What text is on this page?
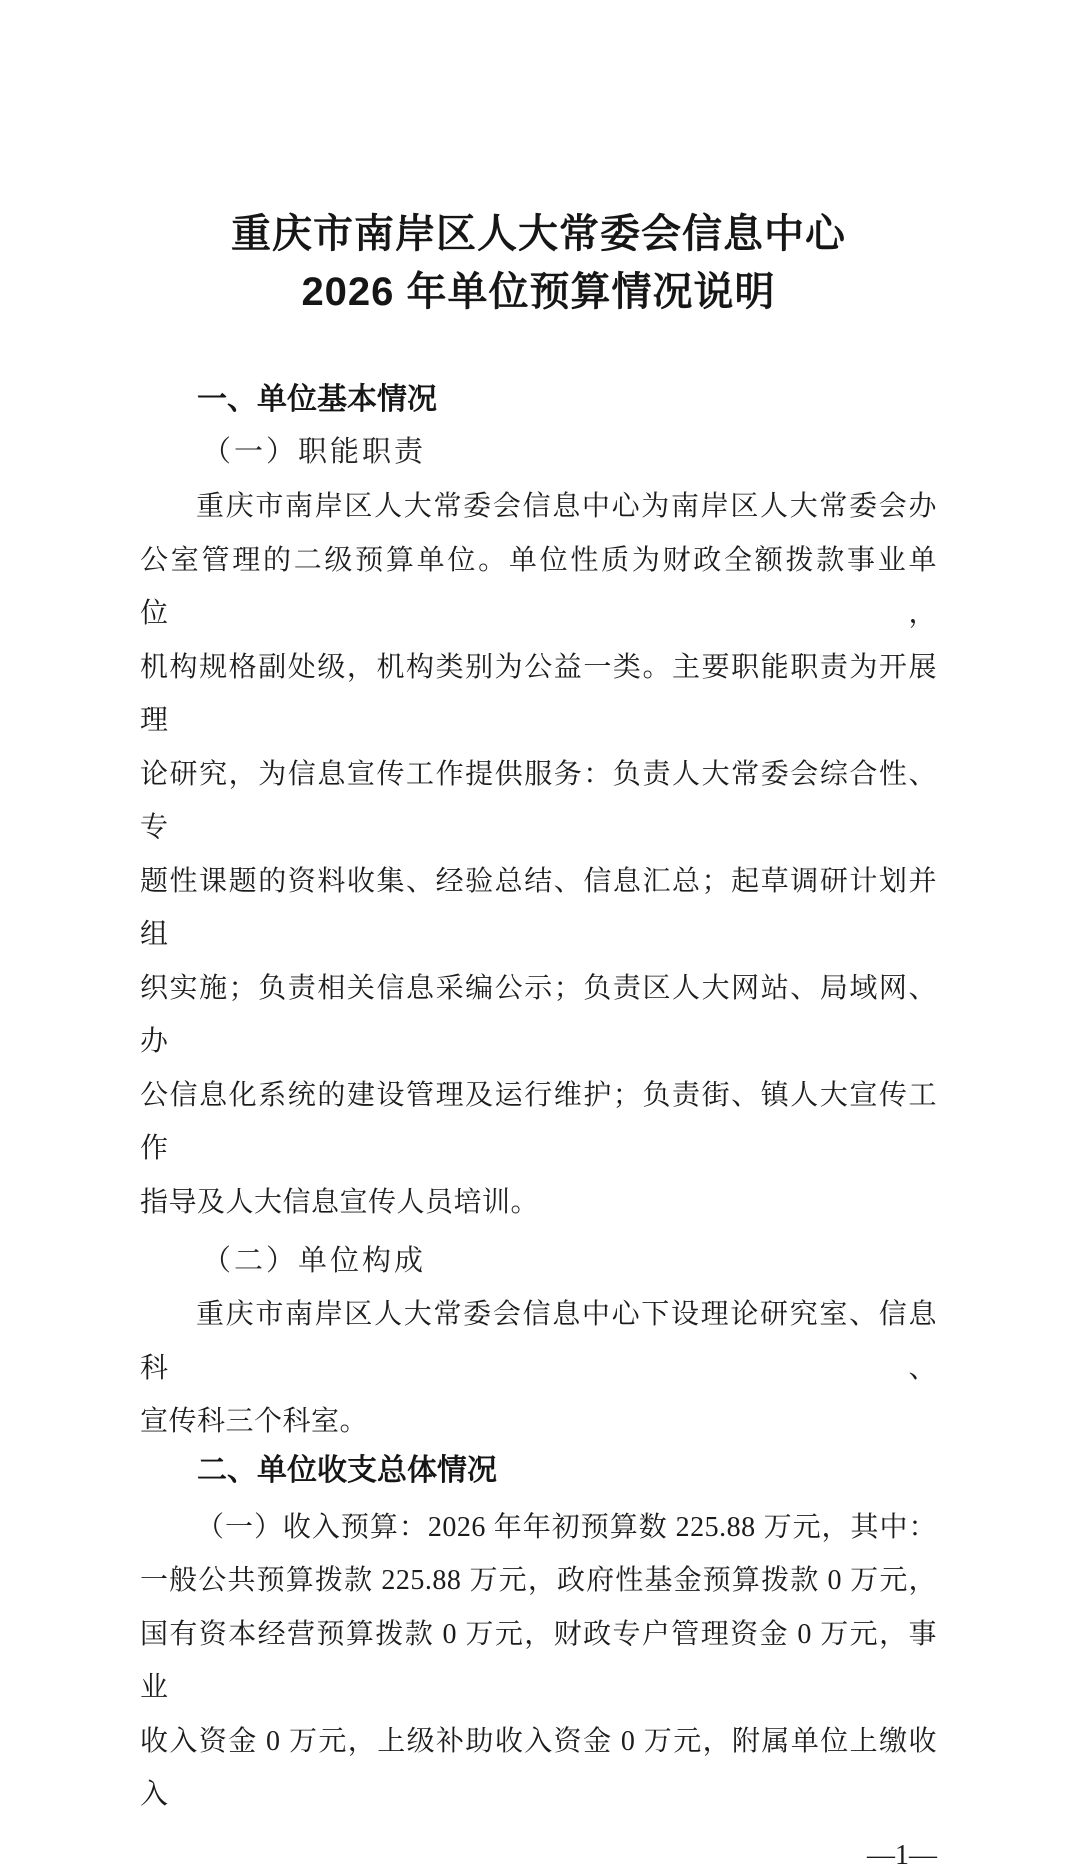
重庆市南岸区人大常委会信息中心
2026 年单位预算情况说明
一、单位基本情况
（一）职能职责
重庆市南岸区人大常委会信息中心为南岸区人大常委会办
公室管理的二级预算单位。单位性质为财政全额拨款事业单位，
机构规格副处级，机构类别为公益一类。主要职能职责为开展理
论研究，为信息宣传工作提供服务：负责人大常委会综合性、专
题性课题的资料收集、经验总结、信息汇总；起草调研计划并组
织实施；负责相关信息采编公示；负责区人大网站、局域网、办
公信息化系统的建设管理及运行维护；负责街、镇人大宣传工作
指导及人大信息宣传人员培训。
（二）单位构成
重庆市南岸区人大常委会信息中心下设理论研究室、信息科、
宣传科三个科室。
二、单位收支总体情况
（一）收入预算：2026 年年初预算数 225.88 万元，其中：
一般公共预算拨款 225.88 万元，政府性基金预算拨款 0 万元，
国有资本经营预算拨款 0 万元，财政专户管理资金 0 万元，事业
收入资金 0 万元，上级补助收入资金 0 万元，附属单位上缴收入
—1—
